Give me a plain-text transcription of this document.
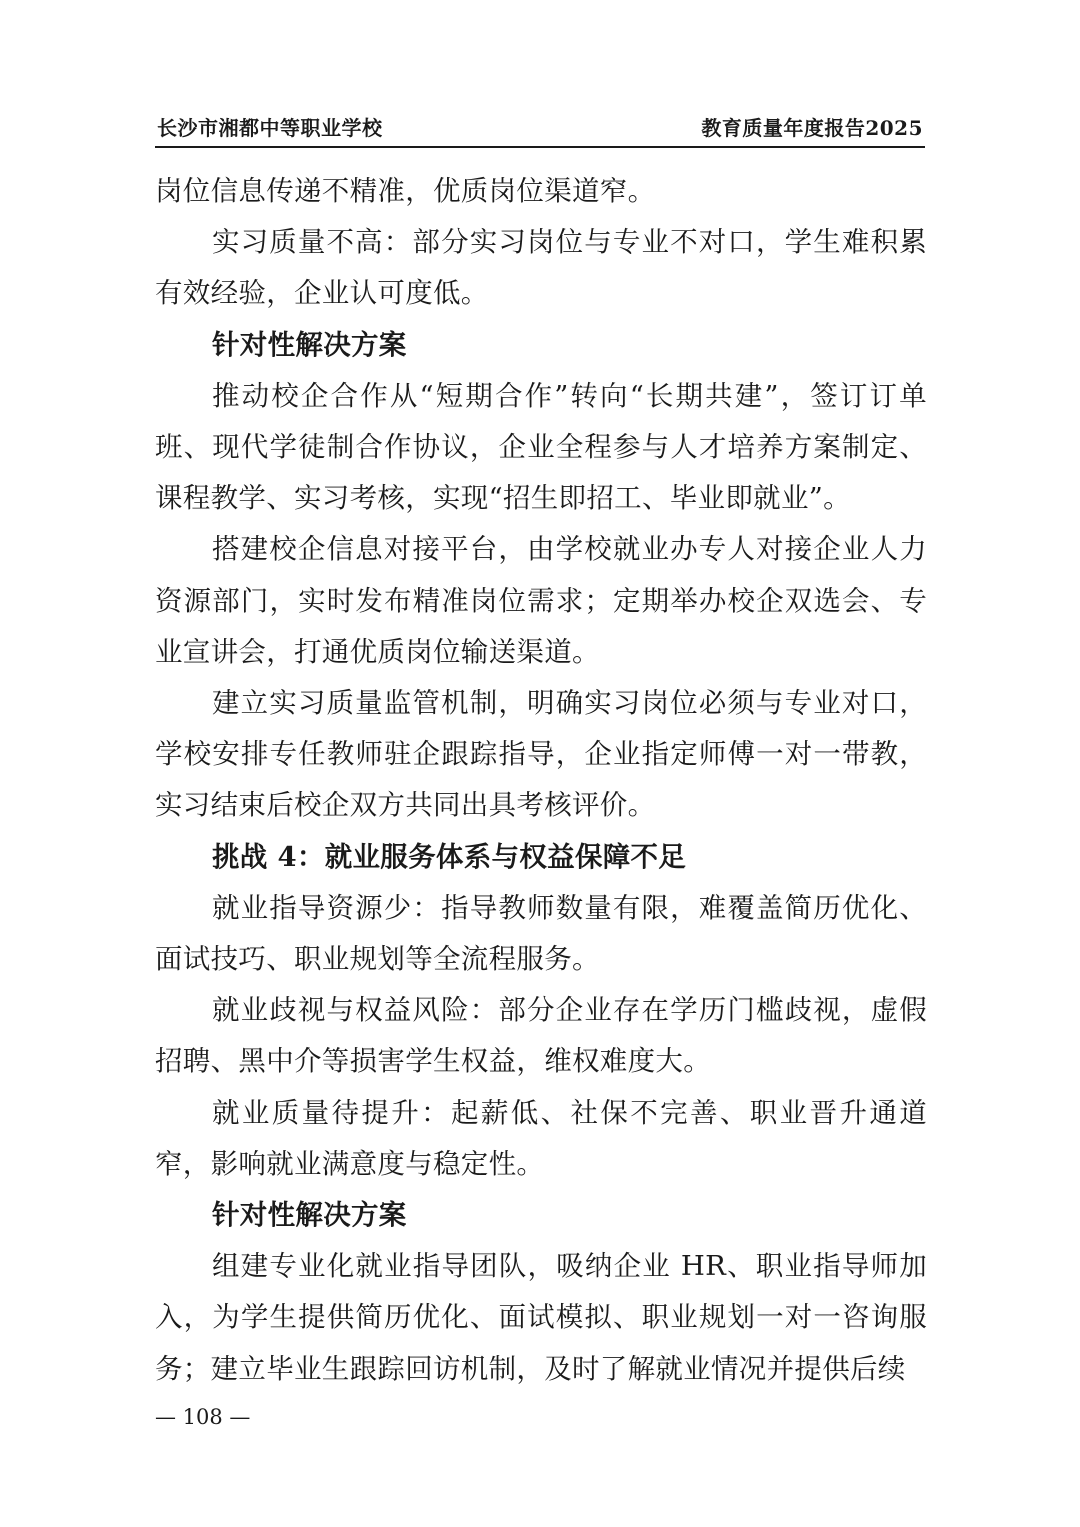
长沙市湘都中等职业学校	教育质量年度报告2025

岗位信息传递不精准，优质岗位渠道窄。

实习质量不高：部分实习岗位与专业不对口，学生难积累有效经验，企业认可度低。

针对性解决方案

推动校企合作从“短期合作”转向“长期共建”，签订订单班、现代学徒制合作协议，企业全程参与人才培养方案制定、课程教学、实习考核，实现“招生即招工、毕业即就业”。

搭建校企信息对接平台，由学校就业办专人对接企业人力资源部门，实时发布精准岗位需求；定期举办校企双选会、专业宣讲会，打通优质岗位输送渠道。

建立实习质量监管机制，明确实习岗位必须与专业对口，学校安排专任教师驻企跟踪指导，企业指定师傅一对一带教，实习结束后校企双方共同出具考核评价。

挑战 4：就业服务体系与权益保障不足

就业指导资源少：指导教师数量有限，难覆盖简历优化、面试技巧、职业规划等全流程服务。

就业歧视与权益风险：部分企业存在学历门槛歧视，虚假招聘、黑中介等损害学生权益，维权难度大。

就业质量待提升：起薪低、社保不完善、职业晋升通道窄，影响就业满意度与稳定性。

针对性解决方案

组建专业化就业指导团队，吸纳企业 HR、职业指导师加入，为学生提供简历优化、面试模拟、职业规划一对一咨询服务；建立毕业生跟踪回访机制，及时了解就业情况并提供后续

— 108 —
